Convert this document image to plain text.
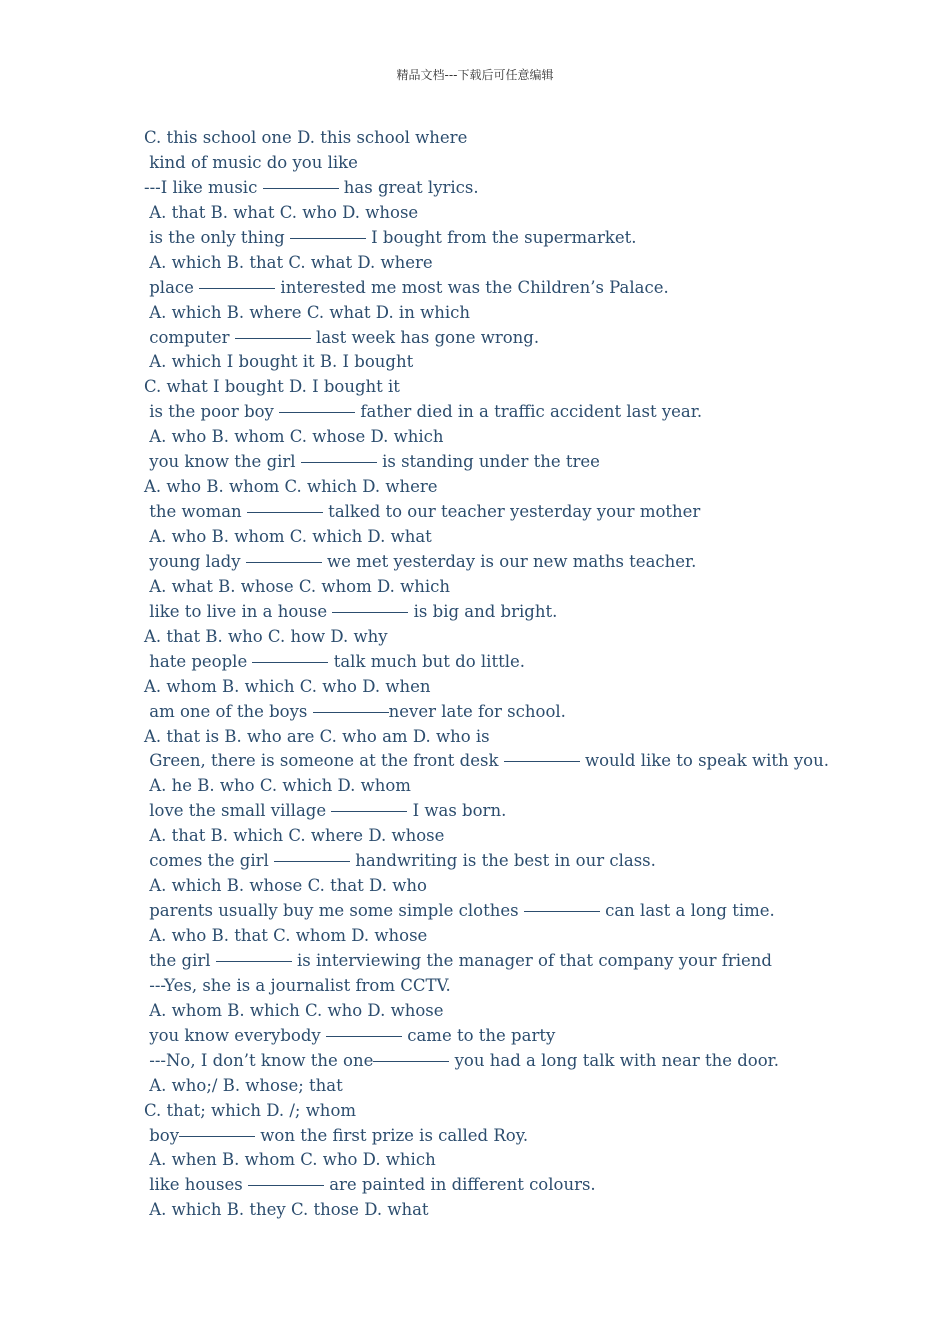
精品文档---下载后可任意编辑
C. this school one D. this school where
kind of music do you like
---I like music	has great lyrics.
A. that B. what C. who D. whose
is the only thing	I bought from the supermarket.
A. which B. that C. what D. where
place	interested me most was the Children’s Palace.
A. which B. where C. what D. in which
computer	last week has gone wrong.
A. which I bought it B. I bought
C. what I bought D. I bought it
is the poor boy	father died in a traffic accident last year.
A. who B. whom C. whose D. which
you know the girl	is standing under the tree
A. who B. whom C. which D. where
the woman	talked to our teacher yesterday your mother
A. who B. whom C. which D. what
young lady	we met yesterday is our new maths teacher.
A. what B. whose C. whom D. which
like to live in a house	is big and bright.
A. that B. who C. how D. why
hate people	talk much but do little.
A. whom B. which C. who D. when
am one of the boys	never late for school.
A. that is B. who are C. who am D. who is
Green, there is someone at the front desk	would like to speak with you.
A. he B. who C. which D. whom
love the small village	I was born.
A. that B. which C. where D. whose
comes the girl	handwriting is the best in our class.
A. which B. whose C. that D. who
parents usually buy me some simple clothes	can last a long time.
A. who B. that C. whom D. whose
the girl	is interviewing the manager of that company your friend
---Yes, she is a journalist from CCTV.
A. whom B. which C. who D. whose
you know everybody	came to the party
---No, I don’t know the one	you had a long talk with near the door.
A. who;/ B. whose; that
C. that; which D. /; whom
boy	won the first prize is called Roy.
A. when B. whom C. who D. which
like houses	are painted in different colours.
A. which B. they C. those D. what
